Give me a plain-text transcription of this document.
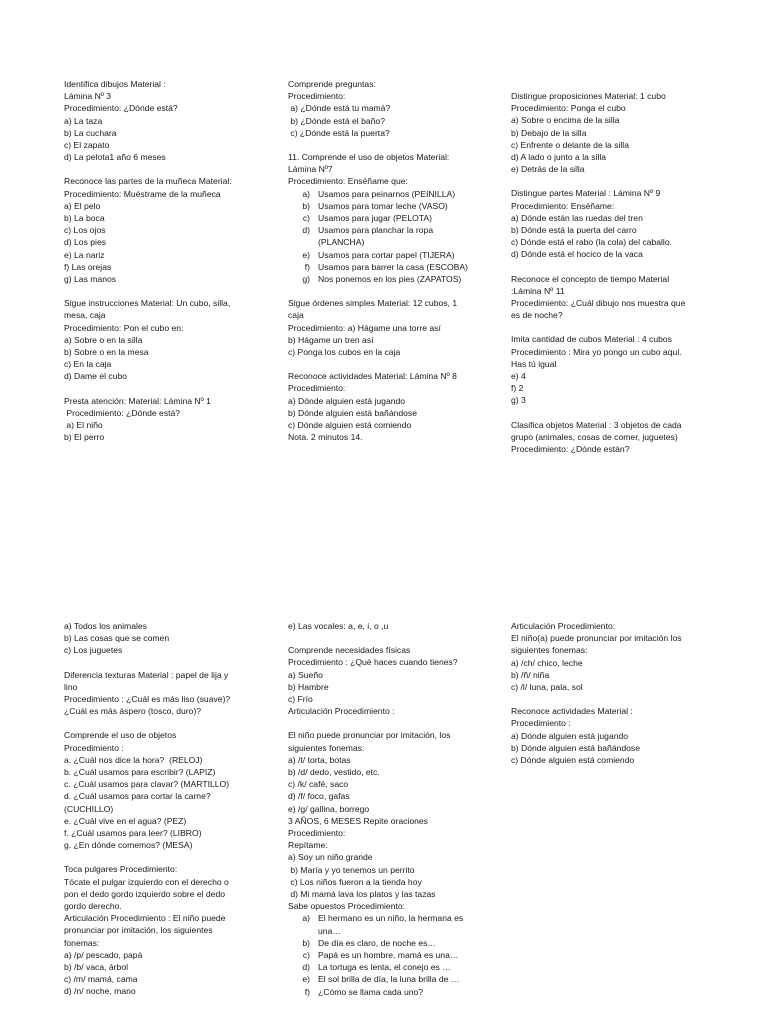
Identifica dibujos Material :

Lámina Nº 3

Procedimiento: ¿Dónde está?

a) La taza

b) La cuchara

c) El zapato

d) La pelota1 año 6 meses

Reconoce las partes de la muñeca Material:

Procedimiento: Muéstrame de la muñeca

a) El pelo

b) La boca

c) Los ojos

d) Los pies

e) La nariz

f) Las orejas

g) Las manos

Sigue instrucciones Material: Un cubo, silla,

mesa, caja

Procedimiento: Pon el cubo en:

a) Sobre o en la silla

b) Sobre o en la mesa

c) En la caja

d) Dame el cubo

Presta atención: Material: Lámina Nº 1

Procedimiento: ¿Dónde está?

a) El niño

b) El perro

Comprende preguntas:

Procedimiento:

a) ¿Dónde está tu mamá?

b) ¿Dónde está el baño?

c) ¿Dónde está la puerta?

11. Comprende el uso de objetos Material:

Lámina Nº7

Procedimiento: Enséñame que:

a) Usamos para peinarnos (PEINILLA)
b) Usamos para tomar leche (VASO)
c) Usamos para jugar (PELOTA)
d) Usamos para planchar la ropa
(PLANCHA)
e) Usamos para cortar papel (TIJERA)
f) Usamos para barrer la casa (ESCOBA)
g) Nos ponemos en los pies (ZAPATOS)

Sigue órdenes simples Material: 12 cubos, 1

caja

Procedimiento: a) Hágame una torre así

b) Hágame un tren así

c) Ponga los cubos en la caja

Reconoce actividades Material: Lámina Nº 8

Procedimiento:

a) Dónde alguien está jugando

b) Dónde alguien está bañándose

c) Dónde alguien está comiendo

Nota. 2 minutos 14.

Distingue proposiciones Material: 1 cubo

Procedimiento: Ponga el cubo

a) Sobre o encima de la silla

b) Debajo de la silla

c) Enfrente o delante de la silla

d) A lado o junto a la silla

e) Detrás de la silla

Distingue partes Material : Lámina Nº 9

Procedimiento: Enséñame:

a) Dónde están las ruedas del tren

b) Dónde está la puerta del carro

c) Dónde está el rabo (la cola) del caballo.

d) Dónde está el hocico de la vaca

Reconoce el concepto de tiempo Material

:Lámina Nº 11

Procedimiento: ¿Cuál dibujo nos muestra que

es de noche?

Imita cantidad de cubos Material : 4 cubos

Procedimiento : Mira yo pongo un cubo aquí.

Has tú igual

e) 4

f) 2

g) 3

Clasifica objetos Material : 3 objetos de cada

grupo (animales, cosas de comer, juguetes)

Procedimiento: ¿Dónde están?

a) Todos los animales

b) Las cosas que se comen

c) Los juguetes

Diferencia texturas Material : papel de lija y

lino

Procedimiento : ¿Cuál es más liso (suave)?

¿Cuál es más áspero (tosco, duro)?

Comprende el uso de objetos

Procedimiento :

a. ¿Cuál nos dice la hora?  (RELOJ)

b. ¿Cuál usamos para escribir? (LAPIZ)

c. ¿Cuál usamos para clavar? (MARTILLO)

d. ¿Cuál usamos para cortar la carne?

(CUCHILLO)

e. ¿Cuál vive en el agua? (PEZ)

f. ¿Cuál usamos para leer? (LIBRO)

g. ¿En dónde comemos? (MESA)

Toca pulgares Procedimiento:

Tócate el pulgar izquierdo con el derecho o

pon el dedo gordo izquierdo sobre el dedo

gordo derecho.

Articulación Procedimiento : El niño puede

pronunciar por imitación, los siguientes

fonemas:

a) /p/ pescado, papá

b) /b/ vaca, árbol

c) /m/ mamá, cama

d) /n/ noche, mano

e) Las vocales: a, e, i, o ,u

Comprende necesidades físicas

Procedimiento : ¿Qué haces cuando tienes?

a) Sueño

b) Hambre

c) Frío

Articulación Procedimiento :

El niño puede pronunciar por imitación, los

siguientes fonemas:

a) /t/ torta, botas

b) /d/ dedo, vestido, etc.

c) /k/ café, saco

d) /f/ foco, gafas

e) /g/ gallina, borrego

3 AÑOS, 6 MESES Repite oraciones

Procedimiento:

Repítame:

a) Soy un niño grande

b) María y yo tenemos un perrito

c) Los niños fueron a la tienda hoy

d) Mi mamá lava los platos y las tazas

Sabe opuestos Procedimiento:

a) El hermano es un niño, la hermana es
una…
b) De día es claro, de noche es…
c) Papá es un hombre, mamá es una…
d) La tortuga es lenta, el conejo es …
e) El sol brilla de día, la luna brilla de …
f) ¿Cómo se llama cada uno?

Articulación Procedimiento:

El niño(a) puede pronunciar por imitación los

siguientes fonemas:

a) /ch/ chico, leche

b) /ñ/ niña

c) /l/ luna, pala, sol

Reconoce actividades Material :

Procedimiento :

a) Dónde alguien está jugando

b) Dónde alguien está bañándose

c) Dónde alguien está comiendo
